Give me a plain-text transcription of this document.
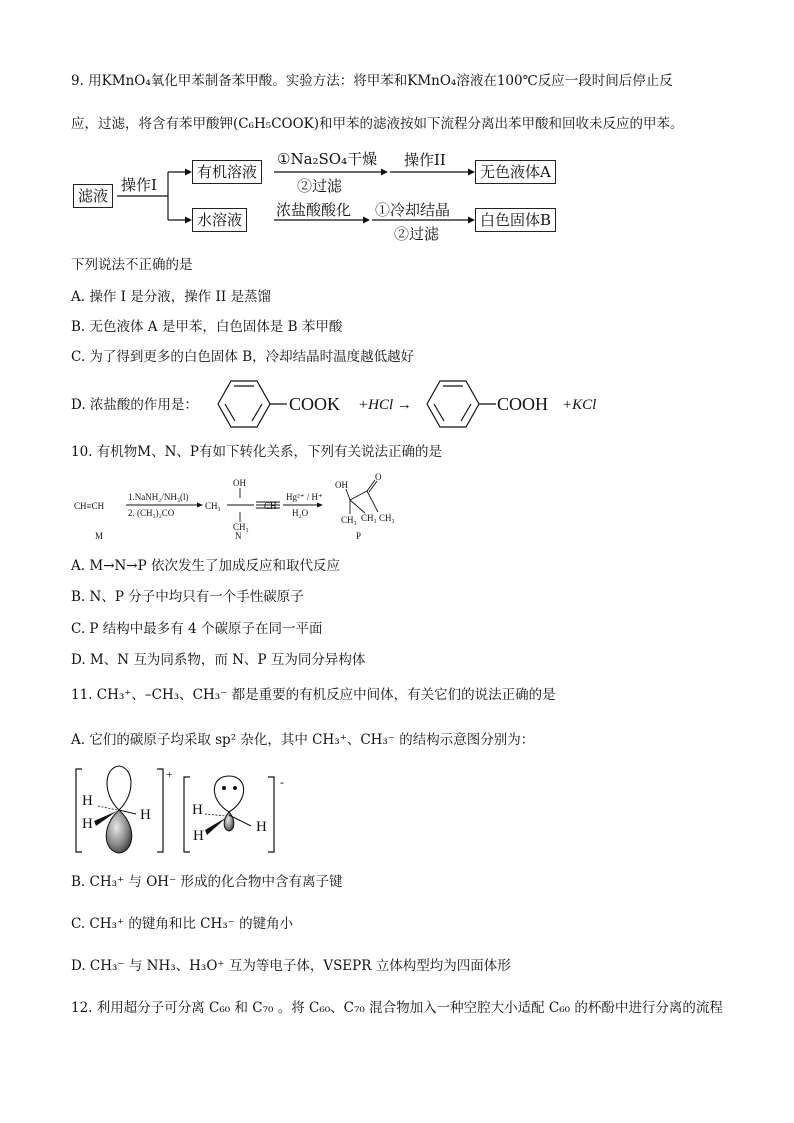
9. 用KMnO₄氧化甲苯制备苯甲酸。实验方法：将甲苯和KMnO₄溶液在100℃反应一段时间后停止反
应，过滤，将含有苯甲酸钾(C₆H₅COOK)和甲苯的滤液按如下流程分离出苯甲酸和回收未反应的甲苯。
滤液
操作I
有机溶液
①Na₂SO₄干燥
②过滤
操作II
无色液体A
水溶液
浓盐酸酸化 ①冷却结晶
②过滤
白色固体B
下列说法不正确的是
A. 操作 I 是分液，操作 II 是蒸馏
B. 无色液体 A 是甲苯，白色固体是 B 苯甲酸
C. 为了得到更多的白色固体 B，冷却结晶时温度越低越好
D. 浓盐酸的作用是：	COOK +HCl →	COOH +KCl
10. 有机物M、N、P有如下转化关系，下列有关说法正确的是
CH≡CH
M
1.NaNH₂/NH₃(l)
2. (CH₃)₂CO
OH
CH₃
CH₃
CH
N
Hg²⁺ / H⁺
H₂O
OH
O
CH₃ CH₃ CH₃
P
A. M→N→P 依次发生了加成反应和取代反应
B. N、P 分子中均只有一个手性碳原子
C. P 结构中最多有 4 个碳原子在同一平面
D. M、N 互为同系物，而 N、P 互为同分异构体
11. CH₃⁺、–CH₃、CH₃⁻ 都是重要的有机反应中间体，有关它们的说法正确的是
A. 它们的碳原子均采取 sp² 杂化，其中 CH₃⁺、CH₃⁻ 的结构示意图分别为：
+
-
H
H
H
H
H
H
B. CH₃⁺ 与 OH⁻ 形成的化合物中含有离子键
C. CH₃⁺ 的键角和比 CH₃⁻ 的键角小
D. CH₃⁻ 与 NH₃、H₃O⁺ 互为等电子体，VSEPR 立体构型均为四面体形
12. 利用超分子可分离 C₆₀ 和 C₇₀ 。将 C₆₀、C₇₀ 混合物加入一种空腔大小适配 C₆₀ 的杯酚中进行分离的流程
